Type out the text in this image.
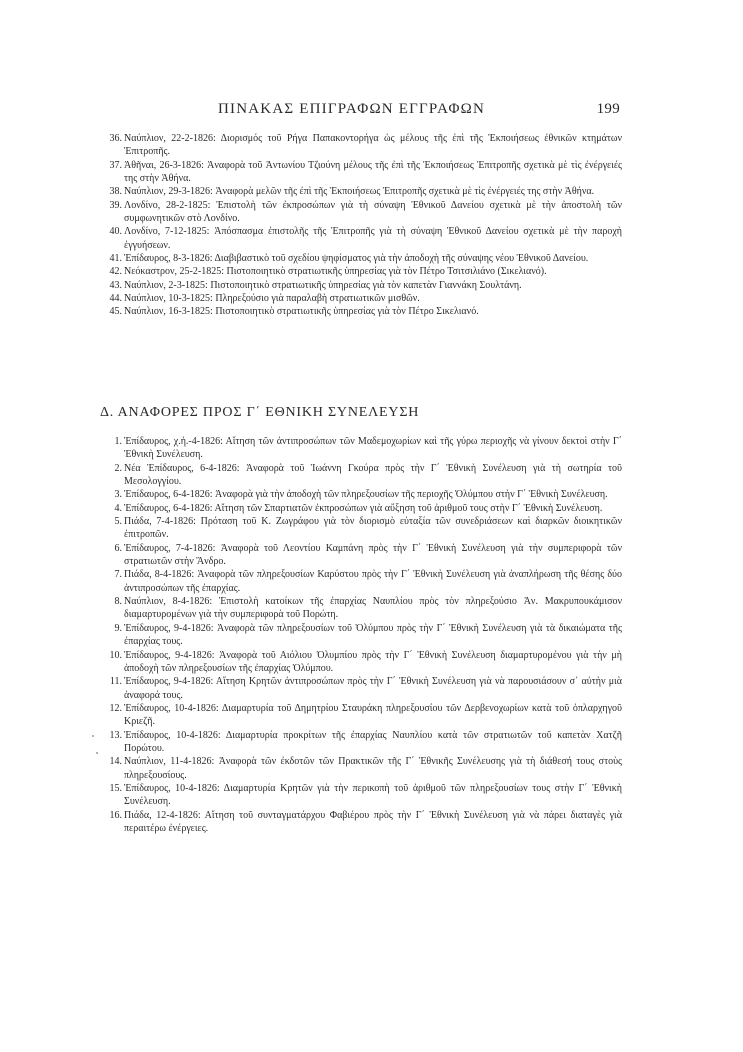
ΠΙΝΑΚΑΣ ΕΠΙΓΡΑΦΩΝ ΕΓΓΡΑΦΩΝ	199
36. Ναύπλιον, 22-2-1826: Διορισμός τοῦ Ρήγα Παπακοντορήγα ὡς μέλους τῆς ἐπὶ τῆς Ἐκποιήσεως ἐθνικῶν κτημάτων Ἐπιτροπῆς.
37. Ἀθῆναι, 26-3-1826: Ἀναφορὰ τοῦ Ἀντωνίου Τζιούνη μέλους τῆς ἐπὶ τῆς Ἐκποιήσεως Ἐπιτροπῆς σχετικὰ μὲ τὶς ἐνέργειές της στὴν Ἀθήνα.
38. Ναύπλιον, 29-3-1826: Ἀναφορὰ μελῶν τῆς ἐπὶ τῆς Ἐκποιήσεως Ἐπιτροπῆς σχετικὰ μὲ τὶς ἐνέργειές της στὴν Ἀθήνα.
39. Λονδίνο, 28-2-1825: Ἐπιστολὴ τῶν ἐκπροσώπων γιὰ τὴ σύναψη Ἐθνικοῦ Δανείου σχετικὰ μὲ τὴν ἀποστολὴ τῶν συμφωνητικῶν στὸ Λονδίνο.
40. Λονδίνο, 7-12-1825: Ἀπόσπασμα ἐπιστολῆς τῆς Ἐπιτροπῆς γιὰ τὴ σύναψη Ἐθνικοῦ Δανείου σχετικὰ μὲ τὴν παροχὴ ἐγγυήσεων.
41. Ἐπίδαυρος, 8-3-1826: Διαβιβαστικὸ τοῦ σχεδίου ψηφίσματος γιὰ τὴν ἀποδοχὴ τῆς σύναψης νέου Ἐθνικοῦ Δανείου.
42. Νεόκαστρον, 25-2-1825: Πιστοποιητικὸ στρατιωτικῆς ὑπηρεσίας γιὰ τὸν Πέτρο Τσιτσιλιάνο (Σικελιανό).
43. Ναύπλιον, 2-3-1825: Πιστοποιητικὸ στρατιωτικῆς ὑπηρεσίας γιὰ τὸν καπετὰν Γιαννάκη Σουλτάνη.
44. Ναύπλιον, 10-3-1825: Πληρεξούσιο γιὰ παραλαβὴ στρατιωτικῶν μισθῶν.
45. Ναύπλιον, 16-3-1825: Πιστοποιητικὸ στρατιωτικῆς ὑπηρεσίας γιὰ τὸν Πέτρο Σικελιανό.
Δ. ΑΝΑΦΟΡΕΣ ΠΡΟΣ Γ΄ ΕΘΝΙΚΗ ΣΥΝΕΛΕΥΣΗ
1. Ἐπίδαυρος, χ.ἡ.-4-1826: Αἴτηση τῶν ἀντιπροσώπων τῶν Μαδεμοχωρίων καὶ τῆς γύρω περιοχῆς νὰ γίνουν δεκτοὶ στὴν Γ΄ Ἐθνικὴ Συνέλευση.
2. Νέα Ἐπίδαυρος, 6-4-1826: Ἀναφορὰ τοῦ Ἰωάννη Γκούρα πρὸς τὴν Γ΄ Ἐθνικὴ Συνέλευση γιὰ τὴ σωτηρία τοῦ Μεσολογγίου.
3. Ἐπίδαυρος, 6-4-1826: Ἀναφορὰ γιὰ τὴν ἀποδοχὴ τῶν πληρεξουσίων τῆς περιοχῆς Ὀλύμπου στὴν Γ΄ Ἐθνικὴ Συνέλευση.
4. Ἐπίδαυρος, 6-4-1826: Αἴτηση τῶν Σπαρτιατῶν ἐκπροσώπων γιὰ αὔξηση τοῦ ἀριθμοῦ τους στὴν Γ΄ Ἐθνικὴ Συνέλευση.
5. Πιάδα, 7-4-1826: Πρόταση τοῦ Κ. Ζωγράφου γιὰ τὸν διορισμὸ εὐταξία τῶν συνεδριάσεων καὶ διαρκῶν διοικητικῶν ἐπιτροπῶν.
6. Ἐπίδαυρος, 7-4-1826: Ἀναφορὰ τοῦ Λεοντίου Καμπάνη πρὸς τὴν Γ΄ Ἐθνικὴ Συνέλευση γιὰ τὴν συμπεριφορὰ τῶν στρατιωτῶν στὴν Ἄνδρο.
7. Πιάδα, 8-4-1826: Ἀναφορὰ τῶν πληρεξουσίων Καρύστου πρὸς τὴν Γ΄ Ἐθνικὴ Συνέλευση γιὰ ἀναπλήρωση τῆς θέσης δύο ἀντιπροσώπων τῆς ἐπαρχίας.
8. Ναύπλιον, 8-4-1826: Ἐπιστολὴ κατοίκων τῆς ἐπαρχίας Ναυπλίου πρὸς τὸν πληρεξούσιο Ἀν. Μακρυπουκάμισον διαμαρτυρομένων γιὰ τὴν συμπεριφορὰ τοῦ Πορώτη.
9. Ἐπίδαυρος, 9-4-1826: Ἀναφορὰ τῶν πληρεξουσίων τοῦ Ὀλύμπου πρὸς τὴν Γ΄ Ἐθνικὴ Συνέλευση γιὰ τὰ δικαιώματα τῆς ἐπαρχίας τους.
10. Ἐπίδαυρος, 9-4-1826: Ἀναφορὰ τοῦ Αιόλιου Ὀλυμπίου πρὸς τὴν Γ΄ Ἐθνικὴ Συνέλευση διαμαρτυρομένου γιὰ τὴν μὴ ἀποδοχὴ τῶν πληρεξουσίων τῆς ἐπαρχίας Ὀλύμπου.
11. Ἐπίδαυρος, 9-4-1826: Αἴτηση Κρητῶν ἀντιπροσώπων πρὸς τὴν Γ΄ Ἐθνικὴ Συνέλευση γιὰ νὰ παρουσιάσουν σ᾿ αὐτὴν μιὰ ἀναφορά τους.
12. Ἐπίδαυρος, 10-4-1826: Διαμαρτυρία τοῦ Δημητρίου Σταυράκη πληρεξουσίου τῶν Δερβενοχωρίων κατὰ τοῦ ὁπλαρχηγοῦ Κριεζῆ.
13. Ἐπίδαυρος, 10-4-1826: Διαμαρτυρία προκρίτων τῆς ἐπαρχίας Ναυπλίου κατὰ τῶν στρατιωτῶν τοῦ καπετὰν Χατζῆ Πορώτου.
14. Ναύπλιον, 11-4-1826: Ἀναφορὰ τῶν ἐκδοτῶν τῶν Πρακτικῶν τῆς Γ΄ Ἐθνικῆς Συνέλευσης γιὰ τὴ διάθεσή τους στοὺς πληρεξουσίους.
15. Ἐπίδαυρος, 10-4-1826: Διαμαρτυρία Κρητῶν γιὰ τὴν περικοπὴ τοῦ ἀριθμοῦ τῶν πληρεξουσίων τους στὴν Γ΄ Ἐθνικὴ Συνέλευση.
16. Πιάδα, 12-4-1826: Αἴτηση τοῦ συνταγματάρχου Φαβιέρου πρὸς τὴν Γ΄ Ἐθνικὴ Συνέλευση γιὰ νὰ πάρει διαταγὲς γιὰ περαιτέρω ἐνέργειες.
